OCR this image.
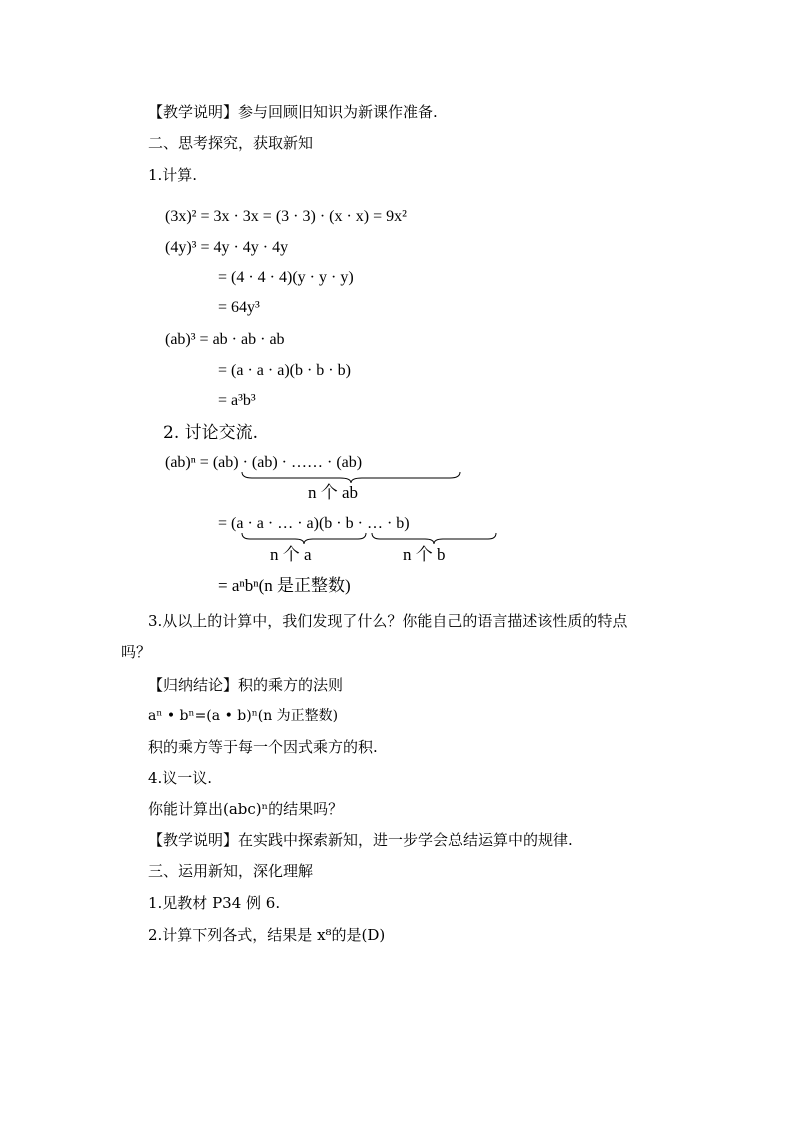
【教学说明】参与回顾旧知识为新课作准备.
二、思考探究，获取新知
1.计算.
(3x)² = 3x · 3x = (3 · 3) · (x · x) = 9x²
(4y)³ = 4y · 4y · 4y
= (4 · 4 · 4)(y · y · y)
= 64y³
(ab)³ = ab · ab · ab
= (a · a · a)(b · b · b)
= a³b³
2. 讨论交流.
(ab)ⁿ = (ab) · (ab) · …… · (ab)
n 个 ab
= (a · a · … · a)(b · b · … · b)
n 个 a	n 个 b
= aⁿbⁿ(n 是正整数)
3.从以上的计算中，我们发现了什么？你能自己的语言描述该性质的特点
吗？
【归纳结论】积的乘方的法则
aⁿ • bⁿ=(a • b)ⁿ(n 为正整数)
积的乘方等于每一个因式乘方的积.
4.议一议.
你能计算出(abc)ⁿ的结果吗？
【教学说明】在实践中探索新知，进一步学会总结运算中的规律.
三、运用新知，深化理解
1.见教材 P34 例 6.
2.计算下列各式，结果是 x⁸的是(D)
